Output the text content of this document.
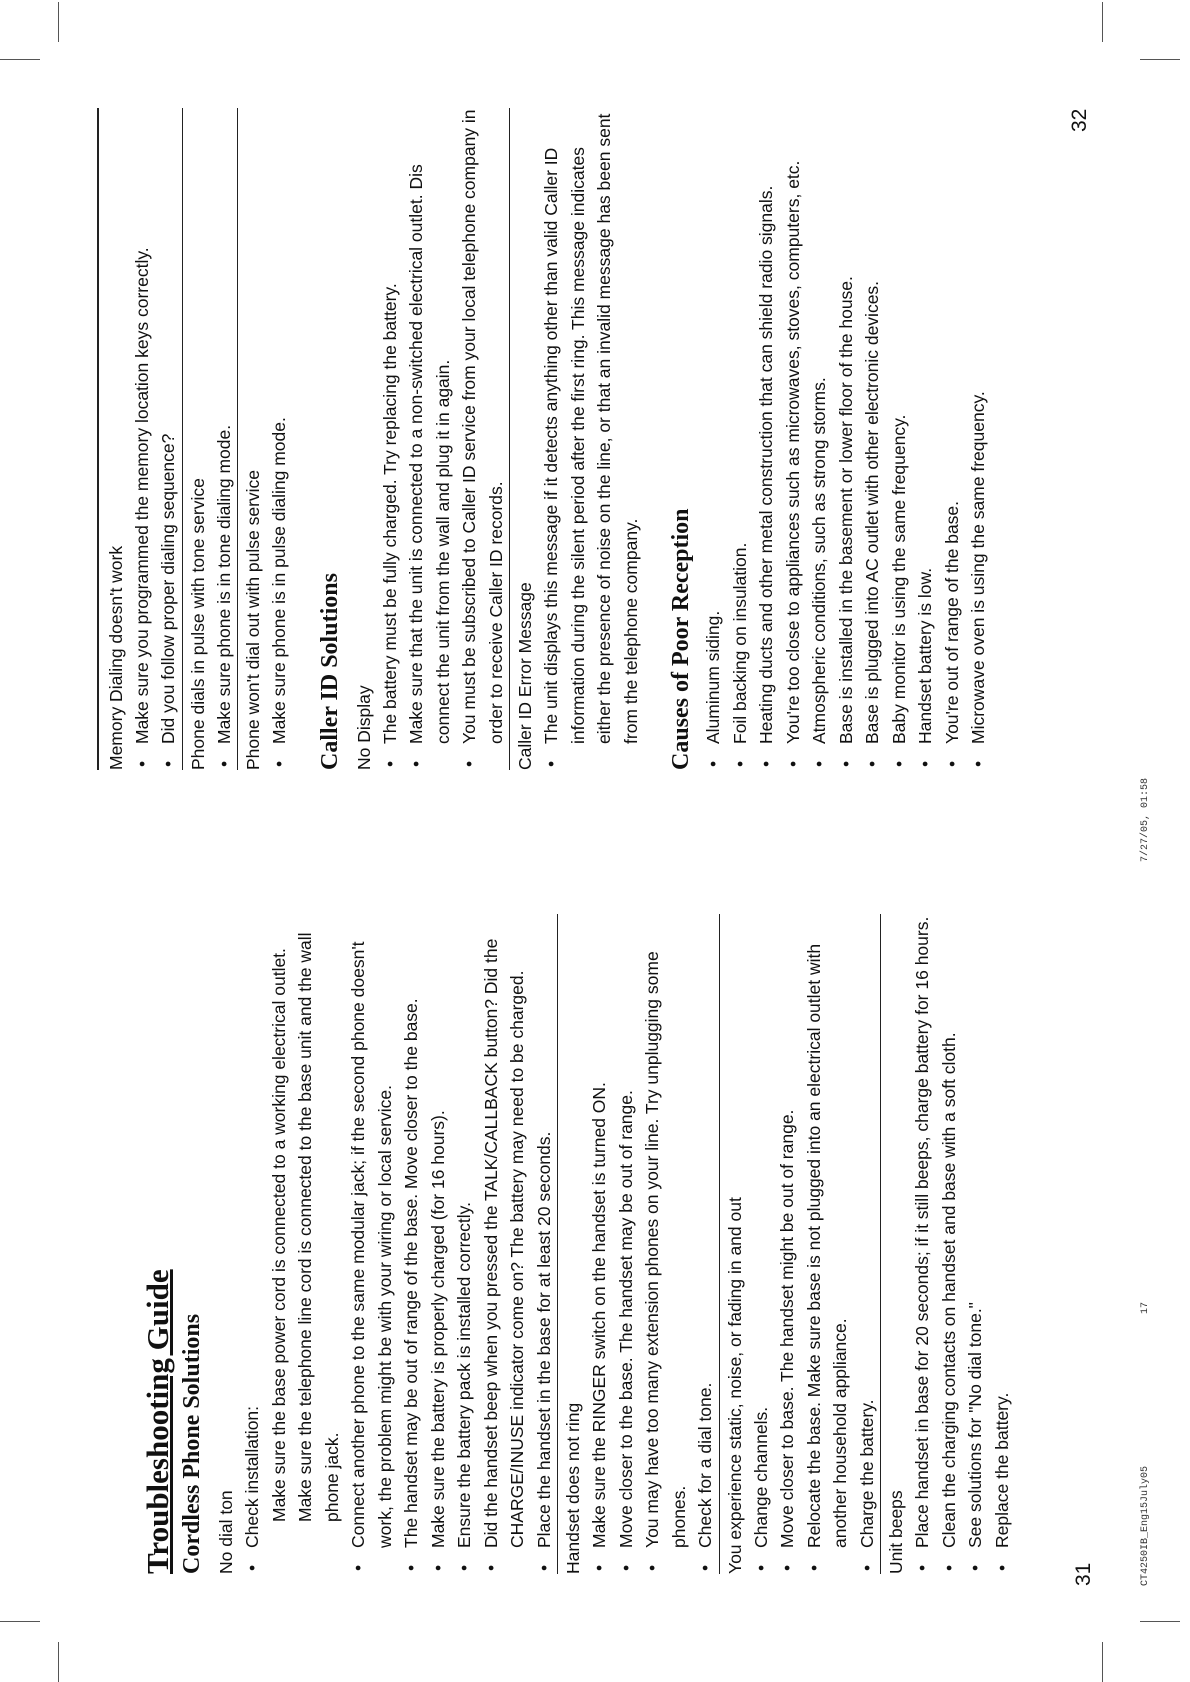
Troubleshooting Guide Cordless Phone Solutions No dial ton • Check installation: Make sure the base power cord is connected to a working electrical outlet. Make sure the telephone line cord is connected to the base unit and the wall phone jack. • Connect another phone to the same modular jack; if the second phone doesn't work, the problem might be with your wiring or local service. • The handset may be out of range of the base. Move closer to the base. • Make sure the battery is properly charged (for 16 hours). • Ensure the battery pack is installed correctly. • Did the handset beep when you pressed the TALK/CALLBACK button? Did the CHARGE/INUSE indicator come on? The battery may need to be charged. • Place the handset in the base for at least 20 seconds. Handset does not ring • Make sure the RINGER switch on the handset is turned ON. • Move closer to the base. The handset may be out of range. • You may have too many extension phones on your line. Try unplugging some phones. • Check for a dial tone. You experience static, noise, or fading in and out • Change channels. • Move closer to base. The handset might be out of range. • Relocate the base. Make sure base is not plugged into an electrical outlet with another household appliance. • Charge the battery. Unit beeps • Place handset in base for 20 seconds; if it still beeps, charge battery for 16 hours. • Clean the charging contacts on handset and base with a soft cloth. • See solutions for "No dial tone." • Replace the battery.
Memory Dialing doesn't work • Make sure you programmed the memory location keys correctly. • Did you follow proper dialing sequence? Phone dials in pulse with tone service • Make sure phone is in tone dialing mode. Phone won't dial out with pulse service • Make sure phone is in pulse dialing mode. Caller ID Solutions No Display • The battery must be fully charged. Try replacing the battery. • Make sure that the unit is connected to a non-switched electrical outlet. Dis connect the unit from the wall and plug it in again. • You must be subscribed to Caller ID service from your local telephone company in order to receive Caller ID records. Caller ID Error Message • The unit displays this message if it detects anything other than valid Caller ID information during the silent period after the first ring. This message indicates either the presence of noise on the line, or that an invalid message has been sent from the telephone company. Causes of Poor Reception • Aluminum siding. • Foil backing on insulation. • Heating ducts and other metal construction that can shield radio signals. • You're too close to appliances such as microwaves, stoves, computers, etc. • Atmospheric conditions, such as strong storms. • Base is installed in the basement or lower floor of the house. • Base is plugged into AC outlet with other electronic devices. • Baby monitor is using the same frequency. • Handset battery is low. • You're out of range of the base. • Microwave oven is using the same frequency.
31
32
CT4250IB_Eng15July05
17
7/27/05, 01:58
